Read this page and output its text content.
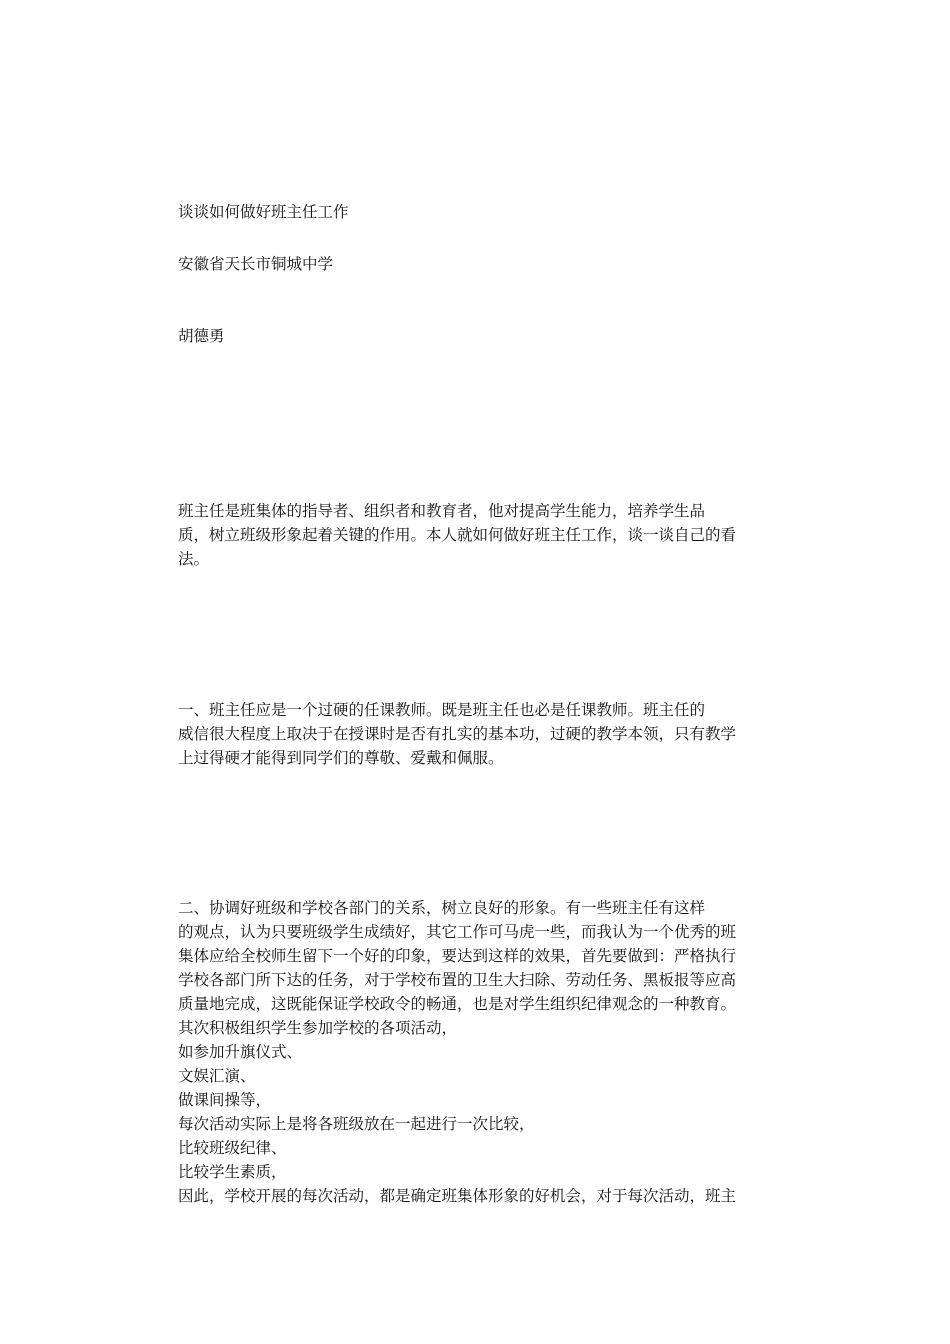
谈谈如何做好班主任工作

安徽省天长市铜城中学

胡德勇

班主任是班集体的指导者、组织者和教育者，他对提高学生能力，培养学生品
质，树立班级形象起着关键的作用。本人就如何做好班主任工作，谈一谈自己的看
法。
一、班主任应是一个过硬的任课教师。既是班主任也必是任课教师。班主任的
威信很大程度上取决于在授课时是否有扎实的基本功，过硬的教学本领，只有教学
上过得硬才能得到同学们的尊敬、爱戴和佩服。
二、协调好班级和学校各部门的关系，树立良好的形象。有一些班主任有这样
的观点，认为只要班级学生成绩好，其它工作可马虎一些，而我认为一个优秀的班
集体应给全校师生留下一个好的印象，要达到这样的效果，首先要做到：严格执行
学校各部门所下达的任务，对于学校布置的卫生大扫除、劳动任务、黑板报等应高
质量地完成，这既能保证学校政令的畅通，也是对学生组织纪律观念的一种教育。
其次积极组织学生参加学校的各项活动，
如参加升旗仪式、
文娱汇演、
做课间操等，
每次活动实际上是将各班级放在一起进行一次比较，
比较班级纪律、
比较学生素质，
因此，学校开展的每次活动，都是确定班集体形象的好机会，对于每次活动，班主
